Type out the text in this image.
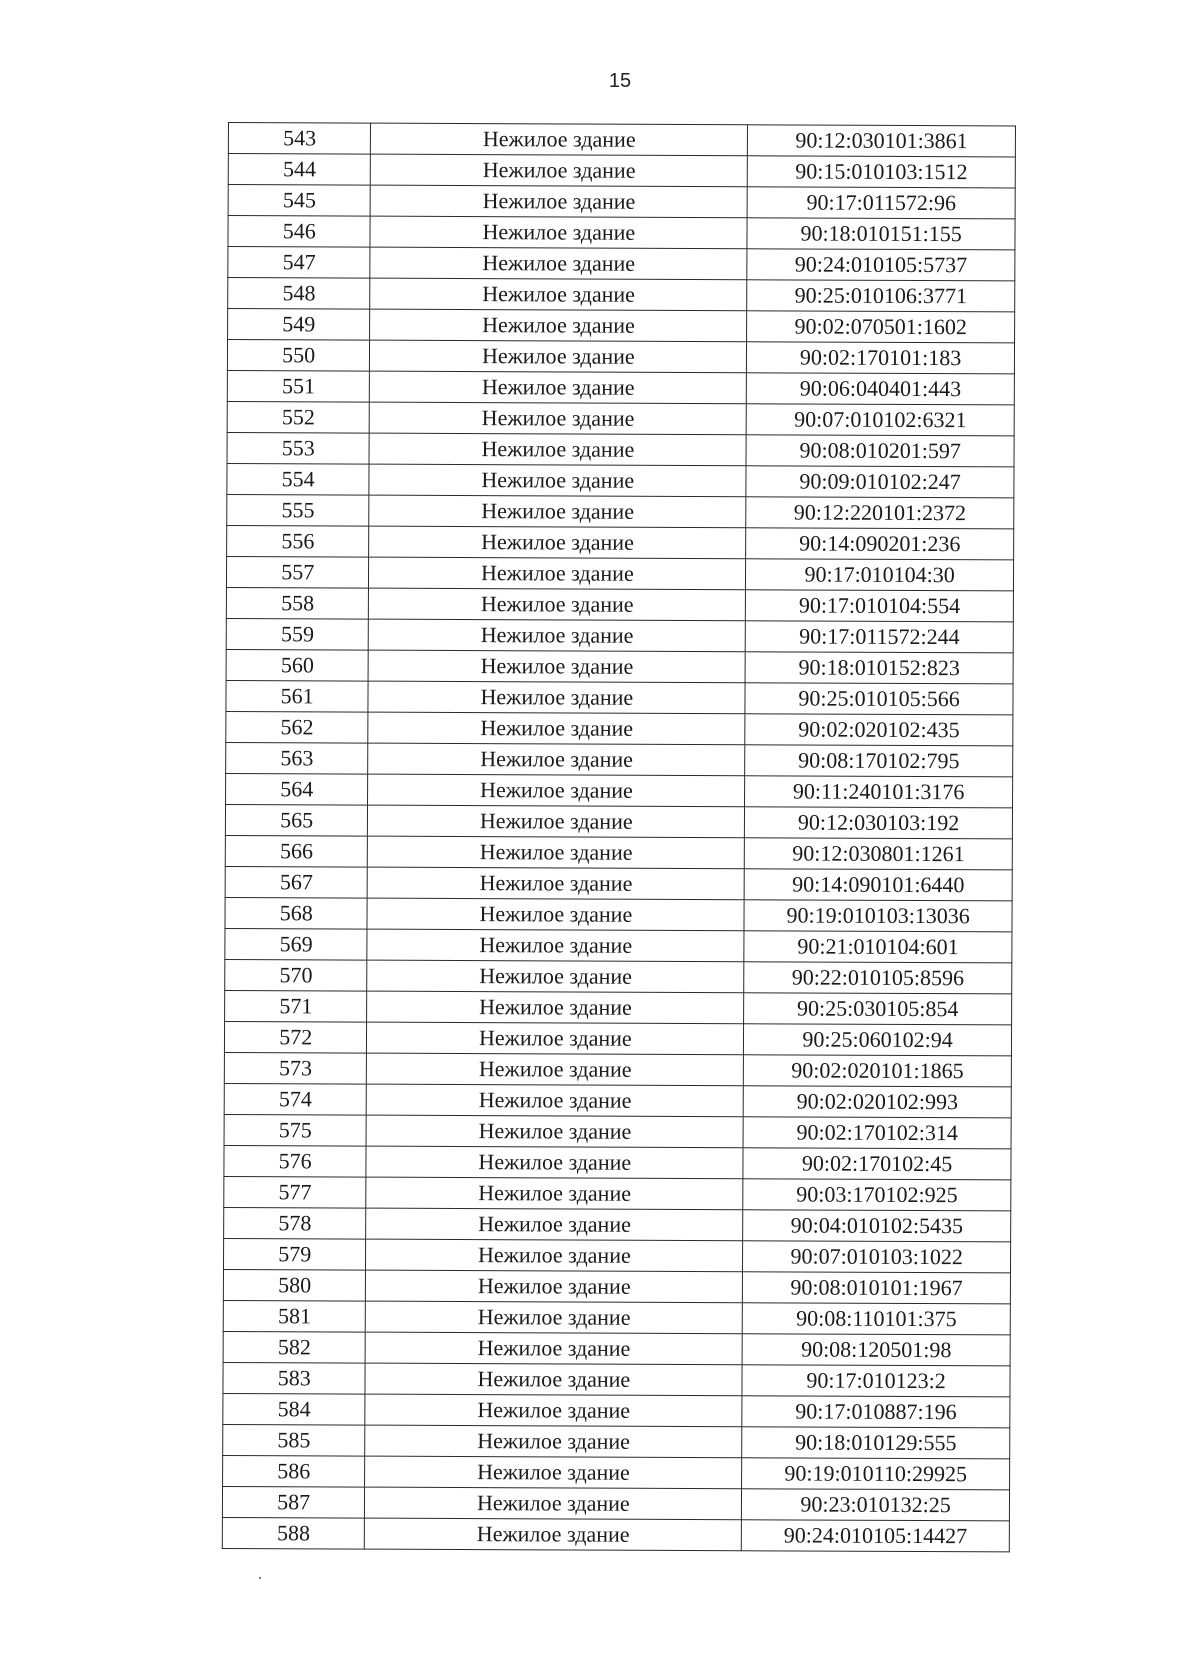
15
543	Нежилое здание	90:12:030101:3861
544	Нежилое здание	90:15:010103:1512
545	Нежилое здание	90:17:011572:96
546	Нежилое здание	90:18:010151:155
547	Нежилое здание	90:24:010105:5737
548	Нежилое здание	90:25:010106:3771
549	Нежилое здание	90:02:070501:1602
550	Нежилое здание	90:02:170101:183
551	Нежилое здание	90:06:040401:443
552	Нежилое здание	90:07:010102:6321
553	Нежилое здание	90:08:010201:597
554	Нежилое здание	90:09:010102:247
555	Нежилое здание	90:12:220101:2372
556	Нежилое здание	90:14:090201:236
557	Нежилое здание	90:17:010104:30
558	Нежилое здание	90:17:010104:554
559	Нежилое здание	90:17:011572:244
560	Нежилое здание	90:18:010152:823
561	Нежилое здание	90:25:010105:566
562	Нежилое здание	90:02:020102:435
563	Нежилое здание	90:08:170102:795
564	Нежилое здание	90:11:240101:3176
565	Нежилое здание	90:12:030103:192
566	Нежилое здание	90:12:030801:1261
567	Нежилое здание	90:14:090101:6440
568	Нежилое здание	90:19:010103:13036
569	Нежилое здание	90:21:010104:601
570	Нежилое здание	90:22:010105:8596
571	Нежилое здание	90:25:030105:854
572	Нежилое здание	90:25:060102:94
573	Нежилое здание	90:02:020101:1865
574	Нежилое здание	90:02:020102:993
575	Нежилое здание	90:02:170102:314
576	Нежилое здание	90:02:170102:45
577	Нежилое здание	90:03:170102:925
578	Нежилое здание	90:04:010102:5435
579	Нежилое здание	90:07:010103:1022
580	Нежилое здание	90:08:010101:1967
581	Нежилое здание	90:08:110101:375
582	Нежилое здание	90:08:120501:98
583	Нежилое здание	90:17:010123:2
584	Нежилое здание	90:17:010887:196
585	Нежилое здание	90:18:010129:555
586	Нежилое здание	90:19:010110:29925
587	Нежилое здание	90:23:010132:25
588	Нежилое здание	90:24:010105:14427
